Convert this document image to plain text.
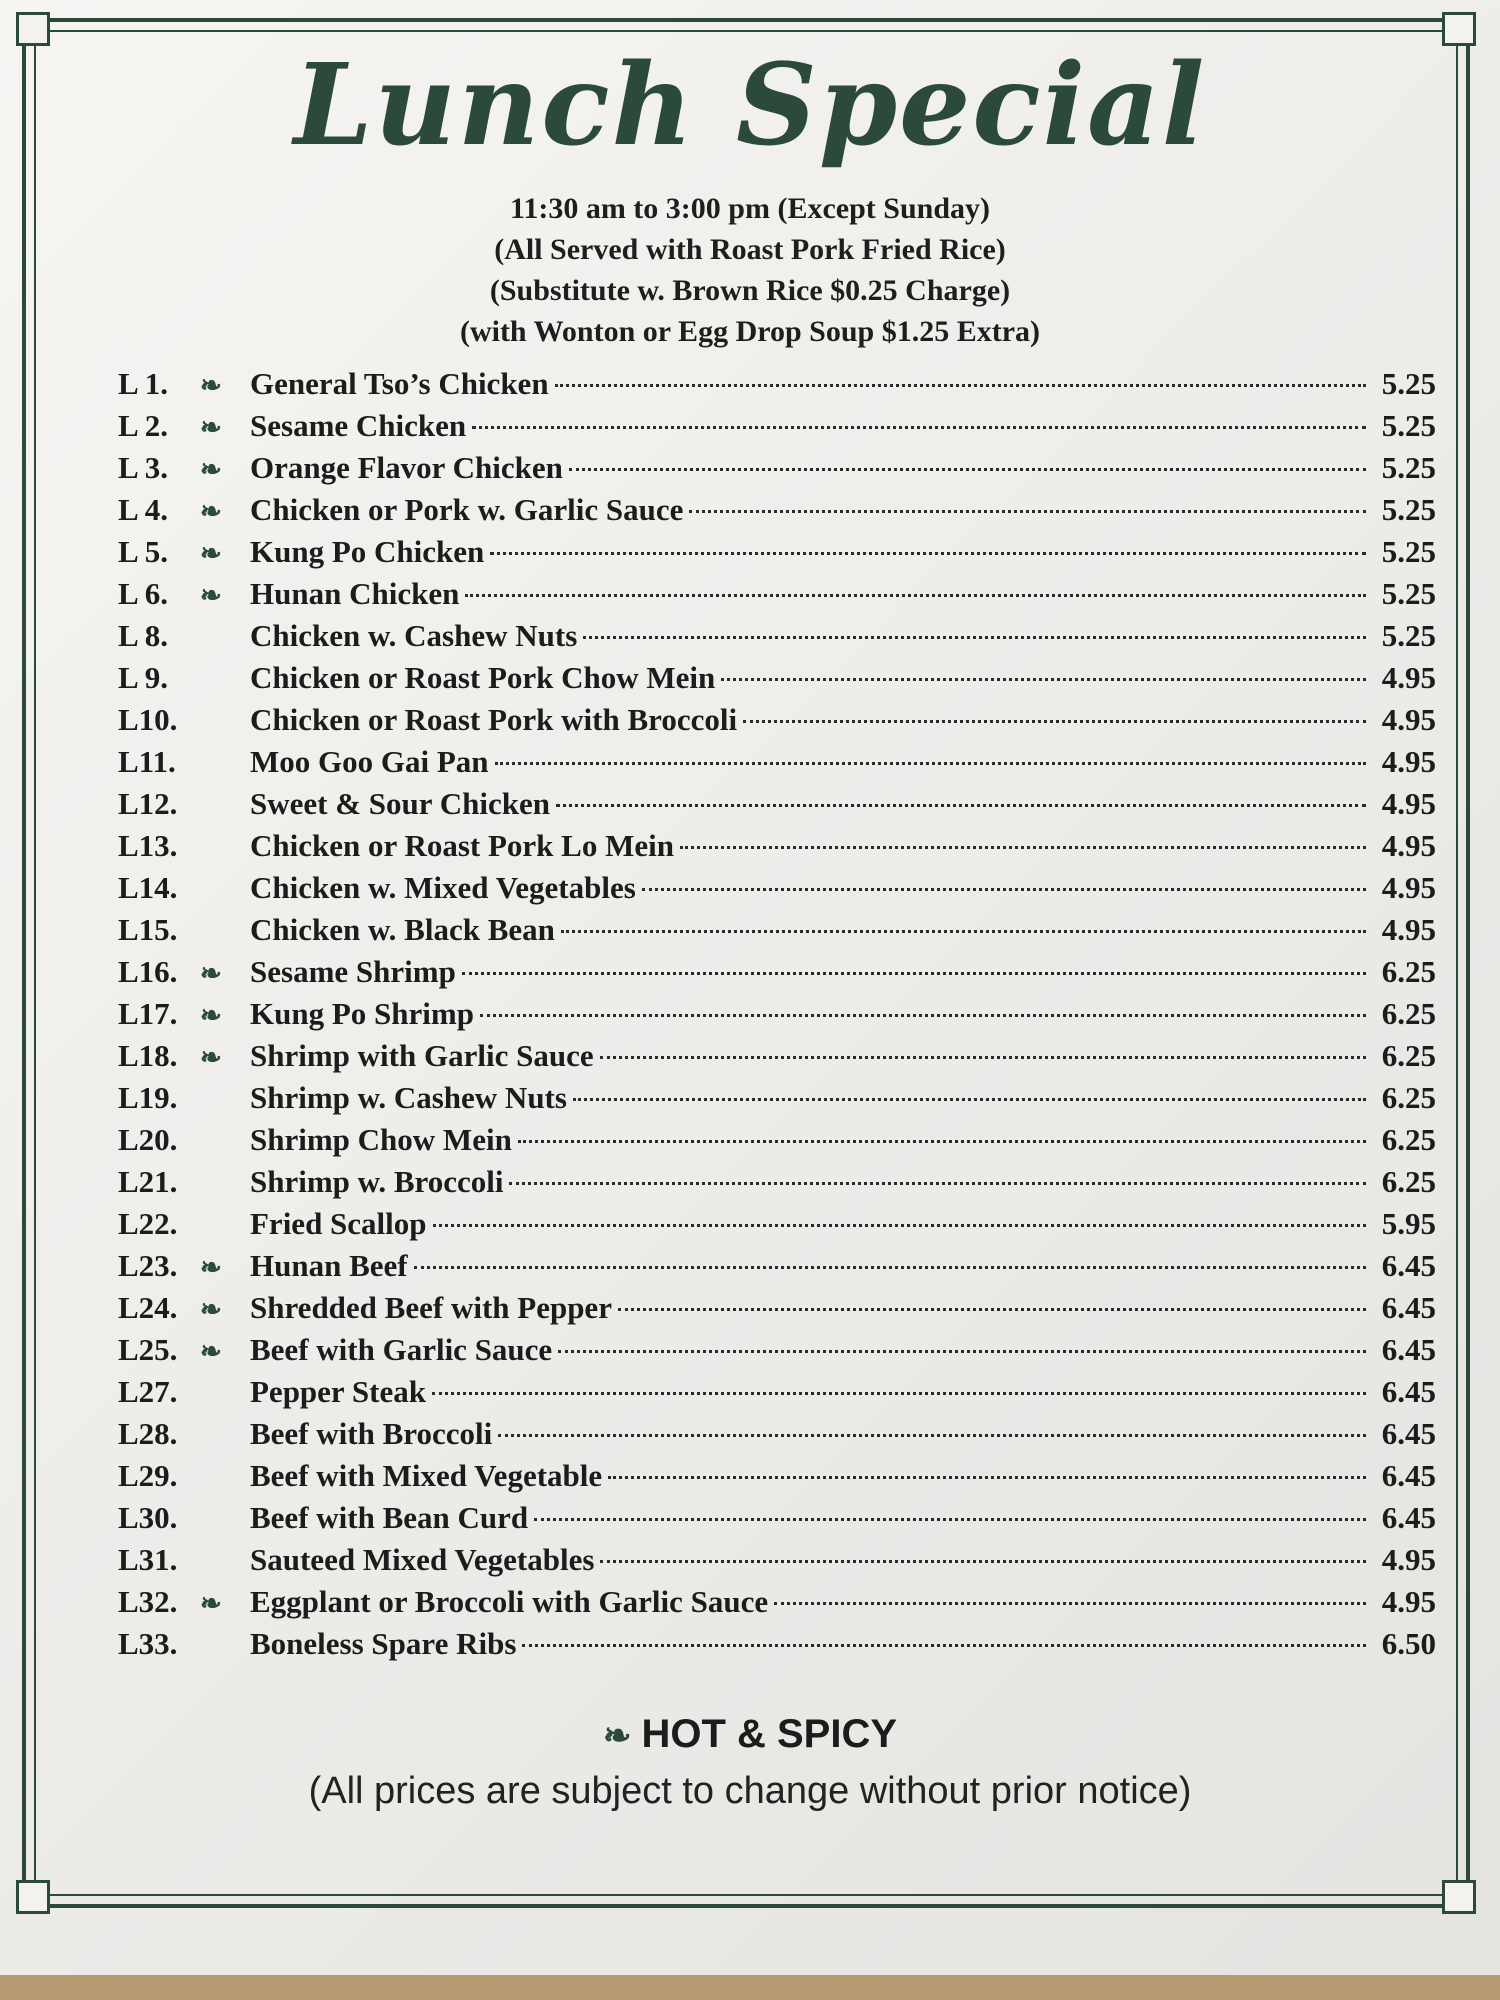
Lunch Special
11:30 am to 3:00 pm (Except Sunday)
(All Served with Roast Pork Fried Rice)
(Substitute w. Brown Rice $0.25 Charge)
(with Wonton or Egg Drop Soup $1.25 Extra)
L 1.	❧ General Tso’s Chicken	5.25
L 2.	❧ Sesame Chicken	5.25
L 3.	❧ Orange Flavor Chicken	5.25
L 4.	❧ Chicken or Pork w. Garlic Sauce	5.25
L 5.	❧ Kung Po Chicken	5.25
L 6.	❧ Hunan Chicken	5.25
L 8.	Chicken w. Cashew Nuts	5.25
L 9.	Chicken or Roast Pork Chow Mein	4.95
L10.	Chicken or Roast Pork with Broccoli	4.95
L11.	Moo Goo Gai Pan	4.95
L12.	Sweet & Sour Chicken	4.95
L13.	Chicken or Roast Pork Lo Mein	4.95
L14.	Chicken w. Mixed Vegetables	4.95
L15.	Chicken w. Black Bean	4.95
L16. ❧ Sesame Shrimp	6.25
L17. ❧ Kung Po Shrimp	6.25
L18. ❧ Shrimp with Garlic Sauce	6.25
L19.	Shrimp w. Cashew Nuts	6.25
L20.	Shrimp Chow Mein	6.25
L21.	Shrimp w. Broccoli	6.25
L22.	Fried Scallop	5.95
L23. ❧ Hunan Beef	6.45
L24. ❧ Shredded Beef with Pepper	6.45
L25. ❧ Beef with Garlic Sauce	6.45
L27.	Pepper Steak	6.45
L28.	Beef with Broccoli	6.45
L29.	Beef with Mixed Vegetable	6.45
L30.	Beef with Bean Curd	6.45
L31.	Sauteed Mixed Vegetables	4.95
L32. ❧ Eggplant or Broccoli with Garlic Sauce	4.95
L33.	Boneless Spare Ribs	6.50
❧ HOT & SPICY
(All prices are subject to change without prior notice)
